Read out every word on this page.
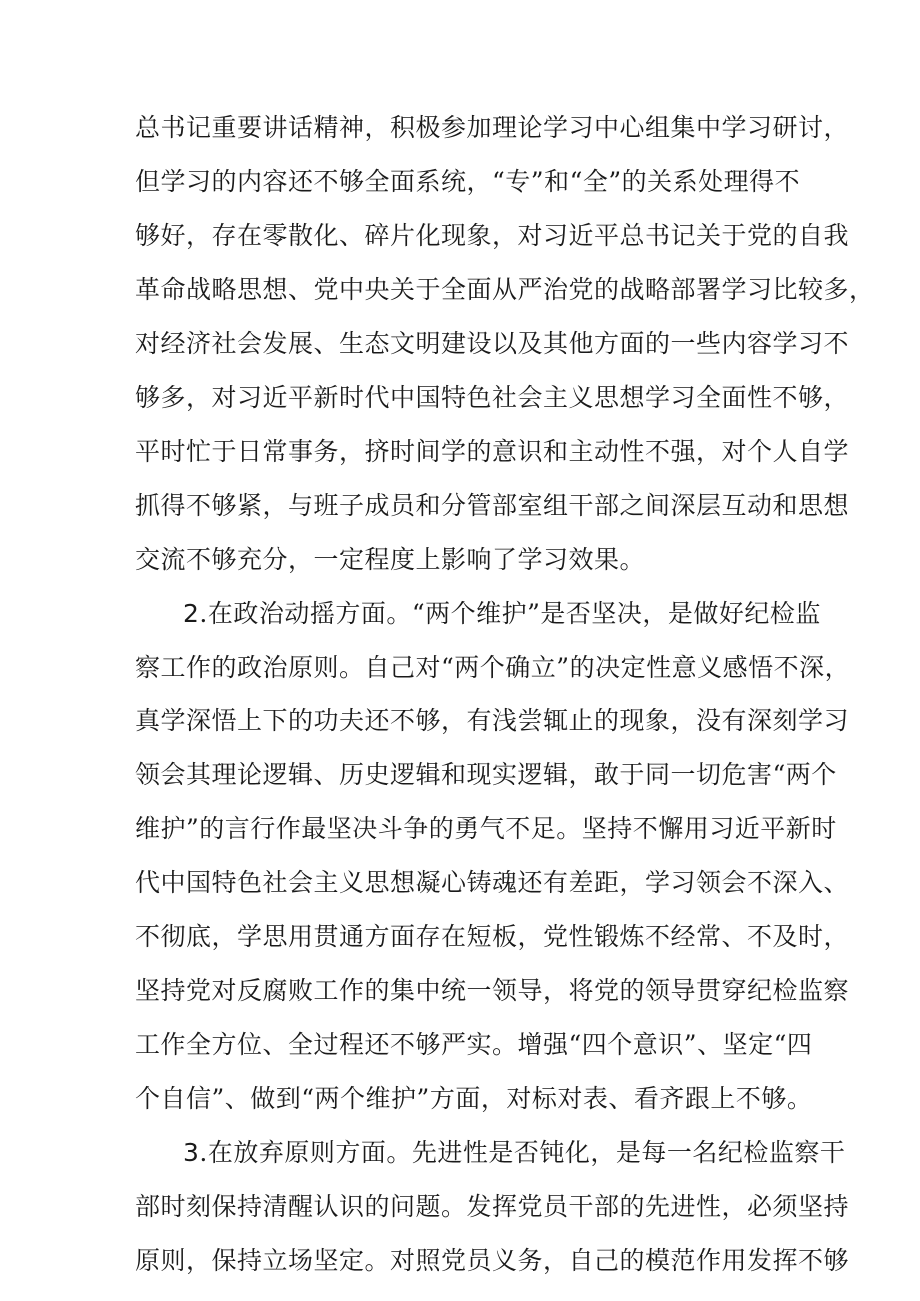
总书记重要讲话精神，积极参加理论学习中心组集中学习研讨，
但学习的内容还不够全面系统，“专”和“全”的关系处理得不
够好，存在零散化、碎片化现象，对习近平总书记关于党的自我
革命战略思想、党中央关于全面从严治党的战略部署学习比较多，
对经济社会发展、生态文明建设以及其他方面的一些内容学习不
够多，对习近平新时代中国特色社会主义思想学习全面性不够，
平时忙于日常事务，挤时间学的意识和主动性不强，对个人自学
抓得不够紧，与班子成员和分管部室组干部之间深层互动和思想
交流不够充分，一定程度上影响了学习效果。
2.在政治动摇方面。“两个维护”是否坚决，是做好纪检监
察工作的政治原则。自己对“两个确立”的决定性意义感悟不深，
真学深悟上下的功夫还不够，有浅尝辄止的现象，没有深刻学习
领会其理论逻辑、历史逻辑和现实逻辑，敢于同一切危害“两个
维护”的言行作最坚决斗争的勇气不足。坚持不懈用习近平新时
代中国特色社会主义思想凝心铸魂还有差距，学习领会不深入、
不彻底，学思用贯通方面存在短板，党性锻炼不经常、不及时，
坚持党对反腐败工作的集中统一领导，将党的领导贯穿纪检监察
工作全方位、全过程还不够严实。增强“四个意识”、坚定“四
个自信”、做到“两个维护”方面，对标对表、看齐跟上不够。
3.在放弃原则方面。先进性是否钝化，是每一名纪检监察干
部时刻保持清醒认识的问题。发挥党员干部的先进性，必须坚持
原则，保持立场坚定。对照党员义务，自己的模范作用发挥不够
